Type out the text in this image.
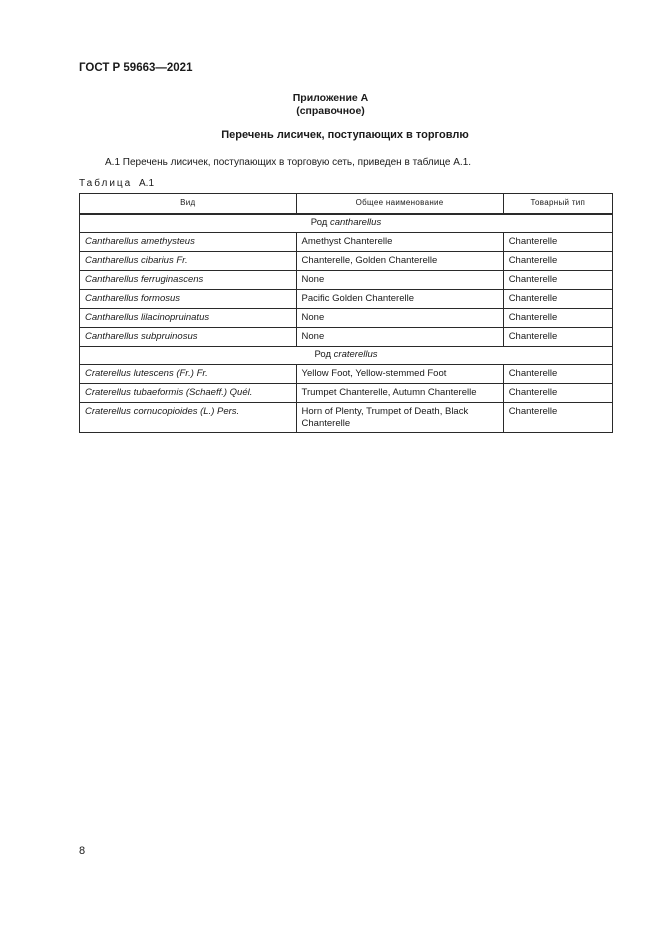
ГОСТ Р 59663—2021
Приложение А
(справочное)
Перечень лисичек, поступающих в торговлю
А.1 Перечень лисичек, поступающих в торговую сеть, приведен в таблице А.1.
Таблица А.1
Вид	Общее наименование	Товарный тип
Род cantharellus		
Cantharellus amethysteus	Amethyst Chanterelle	Chanterelle
Cantharellus cibarius Fr.	Chanterelle, Golden Chanterelle	Chanterelle
Cantharellus ferruginascens	None	Chanterelle
Cantharellus formosus	Pacific Golden Chanterelle	Chanterelle
Cantharellus lilacinopruinatus	None	Chanterelle
Cantharellus subpruinosus	None	Chanterelle
Род craterellus		
Craterellus lutescens (Fr.) Fr.	Yellow Foot, Yellow-stemmed Foot	Chanterelle
Craterellus tubaeformis (Schaeff.) Quél.	Trumpet Chanterelle, Autumn Chanterelle	Chanterelle
Craterellus cornucopioides (L.) Pers.	Horn of Plenty, Trumpet of Death, Black Chanterelle	Chanterelle
8
